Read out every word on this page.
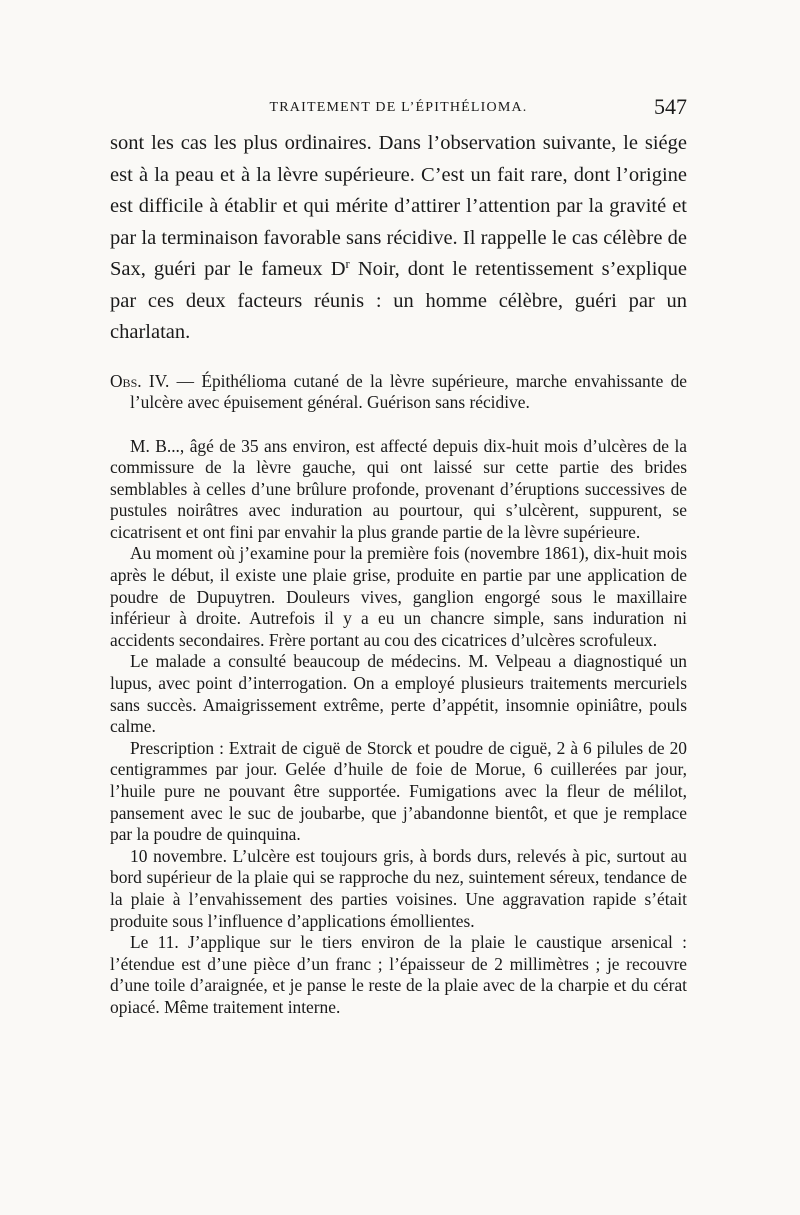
TRAITEMENT DE L’ÉPITHÉLIOMA.	547

sont les cas les plus ordinaires. Dans l’observation suivante, le siége est à la peau et à la lèvre supérieure. C’est un fait rare, dont l’origine est difficile à établir et qui mérite d’attirer l’attention par la gravité et par la terminaison favorable sans récidive. Il rappelle le cas célèbre de Sax, guéri par le fameux $D^r$ Noir, dont le retentissement s’explique par ces deux facteurs réunis : un homme célèbre, guéri par un charlatan.

Obs. IV. — Épithélioma cutané de la lèvre supérieure, marche envahissante de l’ulcère avec épuisement général. Guérison sans récidive.

M. B..., âgé de 35 ans environ, est affecté depuis dix-huit mois d’ulcères de la commissure de la lèvre gauche, qui ont laissé sur cette partie des brides semblables à celles d’une brûlure profonde, provenant d’éruptions successives de pustules noirâtres avec induration au pourtour, qui s’ulcèrent, suppurent, se cicatrisent et ont fini par envahir la plus grande partie de la lèvre supérieure.

Au moment où j’examine pour la première fois (novembre 1861), dix-huit mois après le début, il existe une plaie grise, produite en partie par une application de poudre de Dupuytren. Douleurs vives, ganglion engorgé sous le maxillaire inférieur à droite. Autrefois il y a eu un chancre simple, sans induration ni accidents secondaires. Frère portant au cou des cicatrices d’ulcères scrofuleux.

Le malade a consulté beaucoup de médecins. M. Velpeau a diagnostiqué un lupus, avec point d’interrogation. On a employé plusieurs traitements mercuriels sans succès. Amaigrissement extrême, perte d’appétit, insomnie opiniâtre, pouls calme.

Prescription : Extrait de ciguë de Storck et poudre de ciguë, 2 à 6 pilules de 20 centigrammes par jour. Gelée d’huile de foie de Morue, 6 cuillerées par jour, l’huile pure ne pouvant être supportée. Fumigations avec la fleur de mélilot, pansement avec le suc de joubarbe, que j’abandonne bientôt, et que je remplace par la poudre de quinquina.

10 novembre. L’ulcère est toujours gris, à bords durs, relevés à pic, surtout au bord supérieur de la plaie qui se rapproche du nez, suintement séreux, tendance de la plaie à l’envahissement des parties voisines. Une aggravation rapide s’était produite sous l’influence d’applications émollientes.

Le 11. J’applique sur le tiers environ de la plaie le caustique arsenical : l’étendue est d’une pièce d’un franc ; l’épaisseur de 2 millimètres ; je recouvre d’une toile d’araignée, et je panse le reste de la plaie avec de la charpie et du cérat opiacé. Même traitement interne.
